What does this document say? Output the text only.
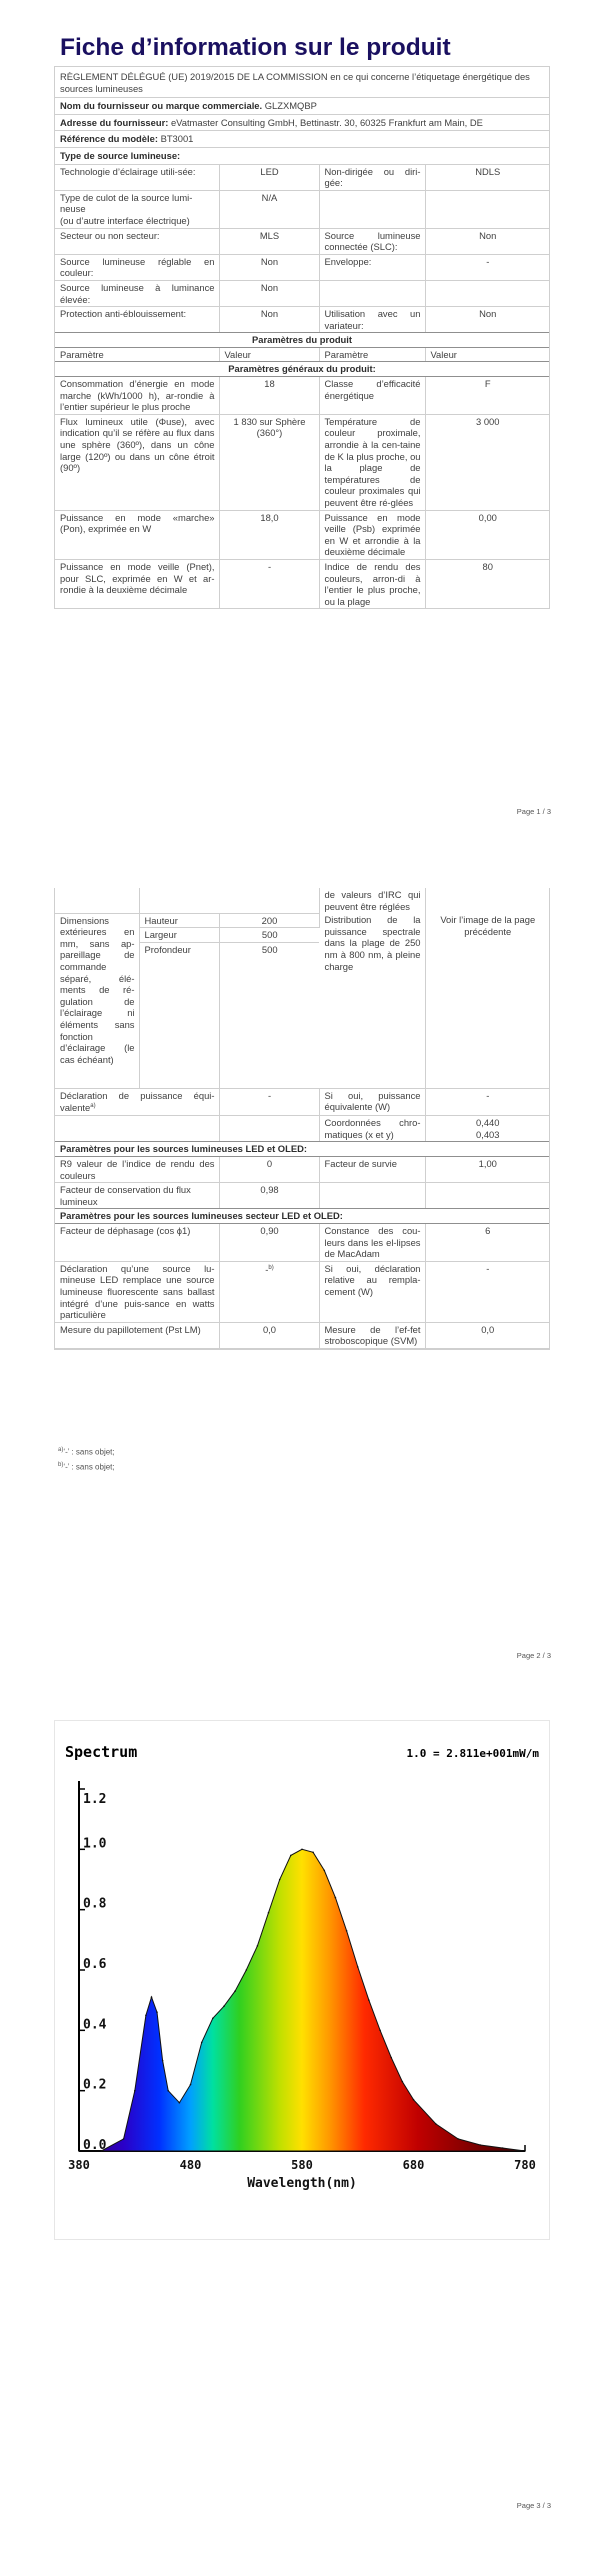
Fiche d’information sur le produit
RÈGLEMENT DÉLÉGUÉ (UE) 2019/2015 DE LA COMMISSION en ce qui concerne l’étiquetage énergétique des sources lumineuses
Nom du fournisseur ou marque commerciale. GLZXMQBP
Adresse du fournisseur: eVatmaster Consulting GmbH, Bettinastr. 30, 60325 Frankfurt am Main, DE
Référence du modèle: BT3001
Type de source lumineuse:
Technologie d’éclairage utili-sée:	LED	Non-dirigée ou diri-gée:	NDLS

Type de culot de la source lumi-neuse
(ou d’autre interface électrique)	N/A		
Secteur ou non secteur:	MLS	Source lumineuse connectée (SLC):	Non
Source lumineuse réglable en couleur:	Non	Enveloppe:	-
Source lumineuse à luminance élevée:	Non		
Protection anti-éblouissement:	Non	Utilisation avec un variateur:	Non
Paramètres du produit
Paramètre	Valeur	Paramètre	Valeur
Paramètres généraux du produit:
Consommation d’énergie en mode marche (kWh/1000 h), ar-rondie à l’entier supérieur le plus proche	18	Classe d’efficacité énergétique	F
Flux lumineux utile (Φuse), avec indication qu’il se réfère au flux dans une sphère (360º), dans un cône large (120º) ou dans un cône étroit (90º)	1 830 sur Sphère (360°)	Température de couleur proximale, arrondie à la cen-taine de K la plus proche, ou la plage de températures de couleur proximales qui peuvent être ré-glées	3 000
Puissance en mode «marche» (Pon), exprimée en W	18,0	Puissance en mode veille (Psb) exprimée en W et arrondie à la deuxième décimale	0,00
Puissance en mode veille (Pnet), pour SLC, exprimée en W et ar-rondie à la deuxième décimale	-	Indice de rendu des couleurs, arron-di à l’entier le plus proche, ou la plage	80
Page 1 / 3
			de valeurs d’IRC qui peuvent être réglées	
Dimensions extérieures en mm, sans ap-pareillage de commande séparé, élé-ments de ré-gulation de l’éclairage ni éléments sans fonction d’éclairage (le cas échéant)	Hauteur	200	Distribution de la puissance spectrale dans la plage de 250 nm à 800 nm, à pleine charge	Voir l’image de la page précédente
	Largeur	500		
	Profondeur	500		
Déclaration de puissance équi-valente$^{a)}$		-	Si oui, puissance équivalente (W)	-
			Coordonnées chro-matiques (x et y)	0,440
0,403
Paramètres pour les sources lumineuses LED et OLED:
R9 valeur de l’indice de rendu des couleurs	0	Facteur de survie	1,00
Facteur de conservation du flux lumineux	0,98		
Paramètres pour les sources lumineuses secteur LED et OLED:
Facteur de déphasage (cos ϕ1)	0,90	Constance des cou-leurs dans les el-lipses de MacAdam	6
Déclaration qu’une source lu-mineuse LED remplace une source lumineuse fluorescente sans ballast intégré d’une puis-sance en watts particulière	-$^{b)}$	Si oui, déclaration relative au rempla-cement (W)	-
Mesure du papillotement (Pst LM)	0,0	Mesure de l’ef-fet stroboscopique (SVM)	0,0
$^{a)}$‘-’ : sans objet;
$^{b)}$‘-’ : sans objet;
Page 2 / 3
0.0
0.2
0.4
0.6
0.8
1.0
1.2
380	480	580	680	780
Spectrum	1.0 = 2.811e+001mW/m
Wavelength(nm)
Page 3 / 3
